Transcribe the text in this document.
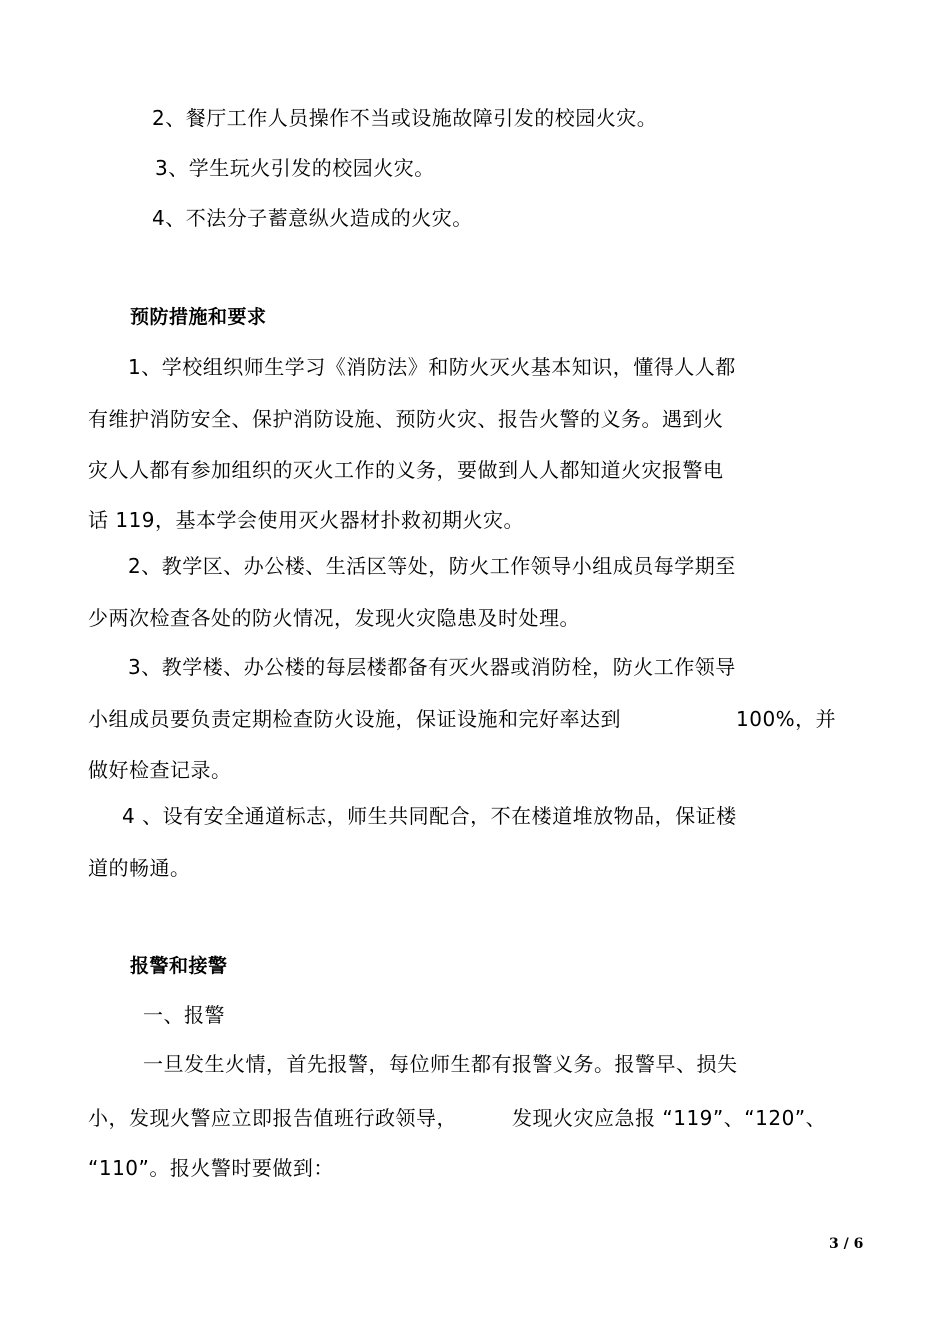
2、餐厅工作人员操作不当或设施故障引发的校园火灾。
3、学生玩火引发的校园火灾。
4、不法分子蓄意纵火造成的火灾。
预防措施和要求
1、学校组织师生学习《消防法》和防火灭火基本知识，懂得人人都
有维护消防安全、保护消防设施、预防火灾、报告火警的义务。遇到火
灾人人都有参加组织的灭火工作的义务，要做到人人都知道火灾报警电
话 119，基本学会使用灭火器材扑救初期火灾。
2、教学区、办公楼、生活区等处，防火工作领导小组成员每学期至
少两次检查各处的防火情况，发现火灾隐患及时处理。
3、教学楼、办公楼的每层楼都备有灭火器或消防栓，防火工作领导
小组成员要负责定期检查防火设施，保证设施和完好率达到	100%，并
做好检查记录。
4 、设有安全通道标志，师生共同配合，不在楼道堆放物品，保证楼
道的畅通。
报警和接警
一、报警
一旦发生火情，首先报警，每位师生都有报警义务。报警早、损失
小，发现火警应立即报告值班行政领导，	发现火灾应急报 “119”、“120”、
“110”。报火警时要做到：
3 / 6
